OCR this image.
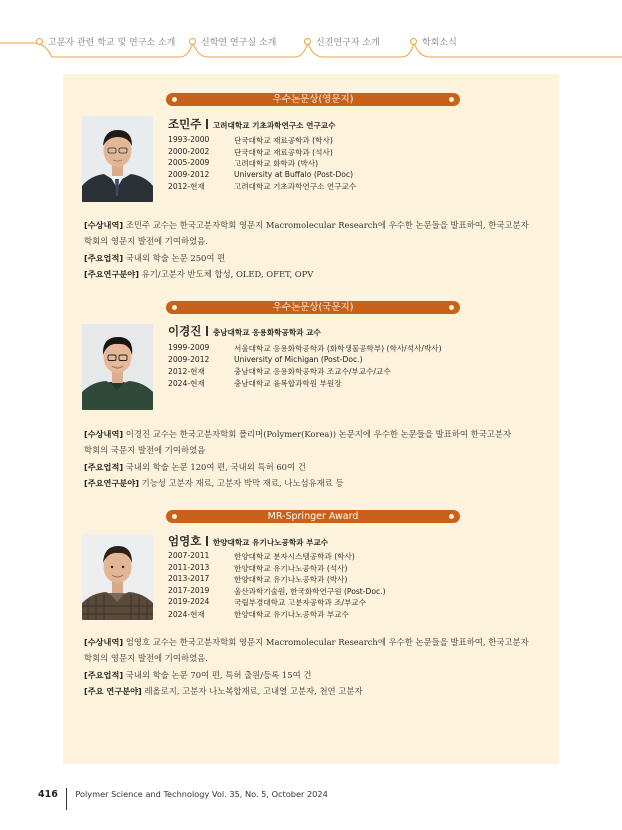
고분자 관련 학교 및 연구소 소개	신학연 연구실 소개	신진연구자 소개	학회소식
우수논문상(영문지)
조민주 고려대학교 기초과학연구소 연구교수
1993-2000	단국대학교 재료공학과 (학사)
2000-2002	단국대학교 재료공학과 (석사)
2005-2009	고려대학교 화학과 (박사)
2009-2012	University at Buffalo (Post-Doc)
2012-현재	고려대학교 기초과학연구소 연구교수
[수상내역] 조민주 교수는 한국고분자학회 영문지 Macromolecular Research에 우수한 논문들을 발표하여, 한국고분자
학회의 영문지 발전에 기여하였음.
[주요업적] 국내외 학술 논문 250여 편
[주요연구분야] 유기/고분자 반도체 합성, OLED, OFET, OPV
우수논문상(국문지)
이경진 충남대학교 응용화학공학과 교수
1999-2009	서울대학교 응용화학공학과 (화학생물공학부) (학사/석사/박사)
2009-2012	University of Michigan (Post-Doc.)
2012-현재	충남대학교 응용화학공학과 조교수/부교수/교수
2024-현재	충남대학교 융복합과학원 부원장
[수상내역] 이경진 교수는 한국고분자학회 폴리머(Polymer(Korea)) 논문지에 우수한 논문들을 발표하여 한국고분자
학회의 국문지 발전에 기여하였음
[주요업적] 국내외 학술 논문 120여 편, 국내외 특허 60여 건
[주요연구분야] 기능성 고분자 재료, 고분자 박막 재료, 나노섬유재료 등
MR-Springer Award
엄영호 한양대학교 유기나노공학과 부교수
2007-2011	한양대학교 분자시스템공학과 (학사)
2011-2013	한양대학교 유기나노공학과 (석사)
2013-2017	한양대학교 유기나노공학과 (박사)
2017-2019	울산과학기술원, 한국화학연구원 (Post-Doc.)
2019-2024	국립부경대학교 고분자공학과 조/부교수
2024-현재	한양대학교 유기나노공학과 부교수
[수상내역] 엄영호 교수는 한국고분자학회 영문지 Macromolecular Research에 우수한 논문들을 발표하여, 한국고분자
학회의 영문지 발전에 기여하였음.
[주요업적] 국내외 학술 논문 70여 편, 특허 출원/등록 15여 건
[주요 연구분야] 레올로지, 고분자 나노복합재료, 고내열 고분자, 천연 고분자
416 Polymer Science and Technology Vol. 35, No. 5, October 2024
